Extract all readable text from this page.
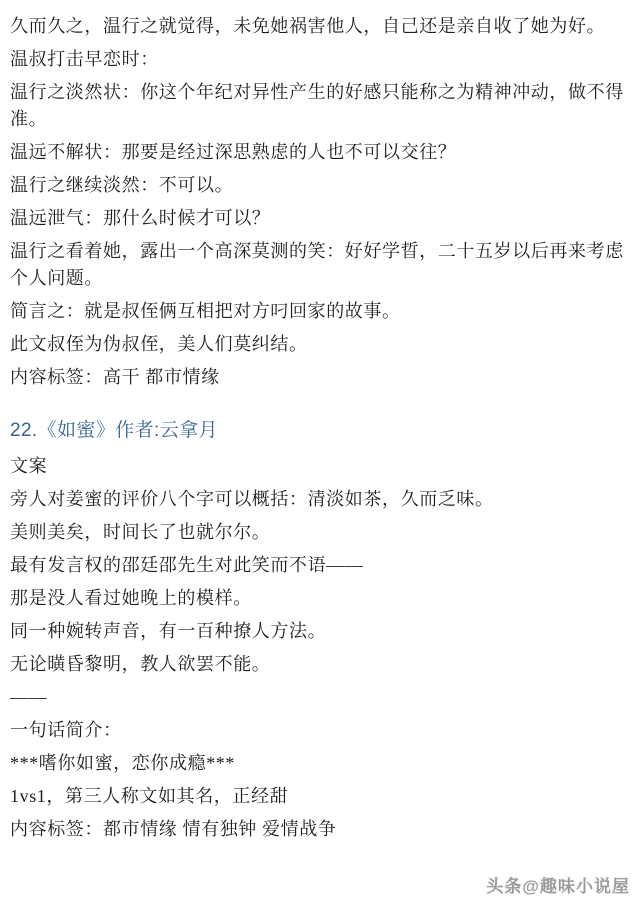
久而久之，温行之就觉得，未免她祸害他人，自己还是亲自收了她为好。

温叔打击早恋时：

温行之淡然状：你这个年纪对异性产生的好感只能称之为精神冲动，做不得准。

温远不解状：那要是经过深思熟虑的人也不可以交往？

温行之继续淡然：不可以。

温远泄气：那什么时候才可以？

温行之看着她，露出一个高深莫测的笑：好好学晢，二十五岁以后再来考虑个人问题。

简言之：就是叔侄俩互相把对方叼回家的故事。

此文叔侄为伪叔侄，美人们莫纠结。

内容标签：高干 都市情缘

22.《如蜜》作者:云拿月

文案

旁人对姜蜜的评价八个字可以概括：清淡如茶，久而乏味。

美则美矣，时间长了也就尔尔。

最有发言权的邵廷邵先生对此笑而不语——

那是没人看过她晚上的模样。

同一种婉转声音，有一百种撩人方法。

无论曂昏黎明，教人欲罢不能。

——

一句话简介：

***嗜你如蜜，恋你成瘾***

1vs1，第三人称文如其名，正经甜

内容标签：都市情缘 情有独钟 爱情战争

头条@趣味小说屋
